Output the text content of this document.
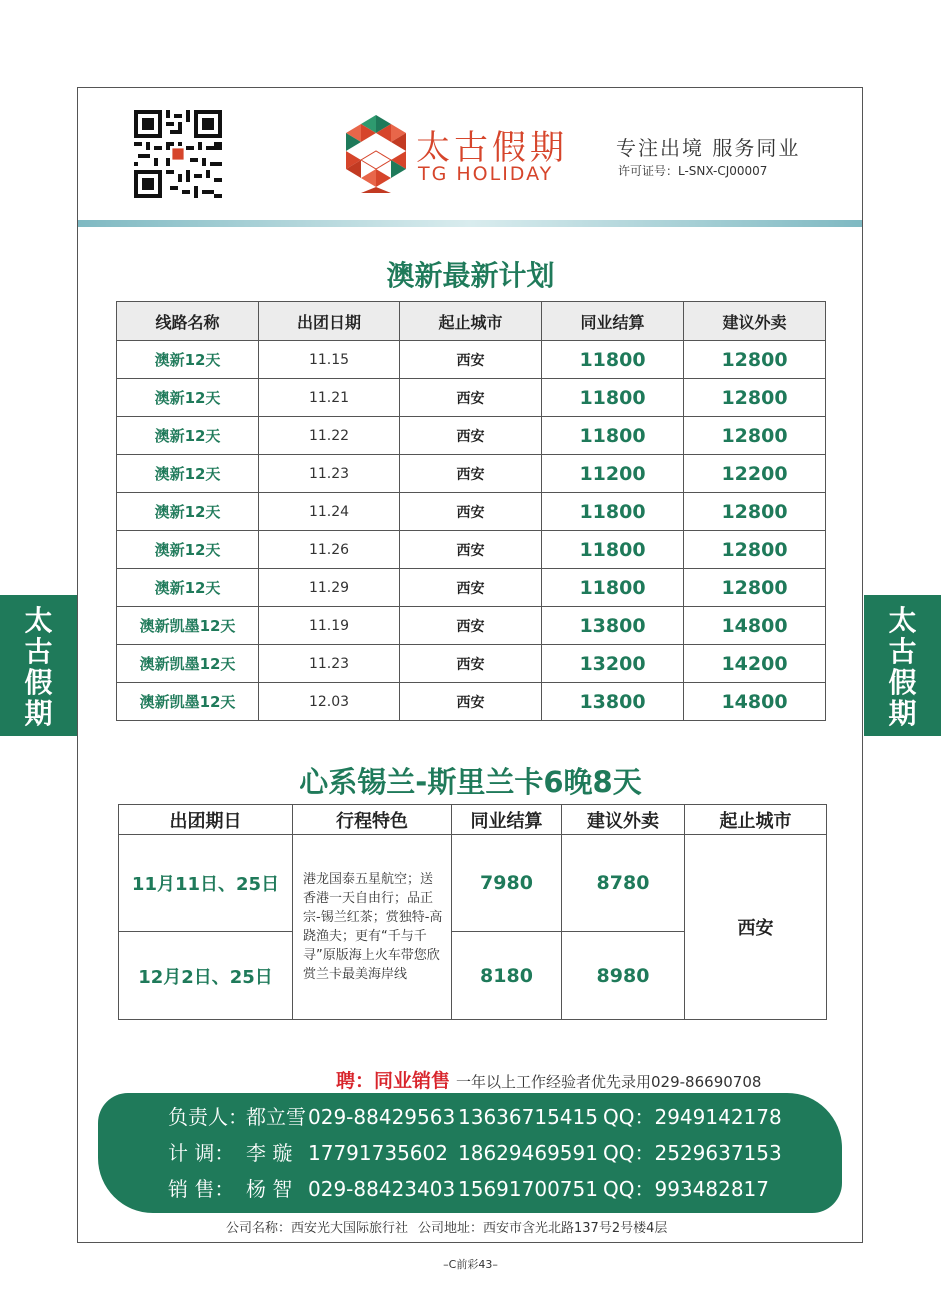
太古假期
太古假期
太古假期
TG HOLIDAY
专注出境 服务同业
许可证号：L-SNX-CJ00007
澳新最新计划
线路名称	出团日期	起止城市	同业结算	建议外卖
澳新12天	11.15	西安	11800	12800
澳新12天	11.21	西安	11800	12800
澳新12天	11.22	西安	11800	12800
澳新12天	11.23	西安	11200	12200
澳新12天	11.24	西安	11800	12800
澳新12天	11.26	西安	11800	12800
澳新12天	11.29	西安	11800	12800
澳新凯墨12天	11.19	西安	13800	14800
澳新凯墨12天	11.23	西安	13200	14200
澳新凯墨12天	12.03	西安	13800	14800
心系锡兰-斯里兰卡6晚8天
出团期日	行程特色	同业结算	建议外卖	起止城市
11月11日、25日	港龙国泰五星航空；送香港一天自由行；品正宗-锡兰红茶；赏独特-高跷渔夫；更有“千与千寻”原版海上火车带您欣赏兰卡最美海岸线	7980	8780	西安
12月2日、25日		8180	8980	
聘：同业销售 一年以上工作经验者优先录用029-86690708
负责人：都立雪 029-88429563 13636715415 QQ：2949142178
计 调： 李 璇 17791735602 18629469591 QQ：2529637153
销 售： 杨 智 029-88423403 15691700751 QQ：993482817
公司名称：西安光大国际旅行社 公司地址：西安市含光北路137号2号楼4层
–C前彩43–
